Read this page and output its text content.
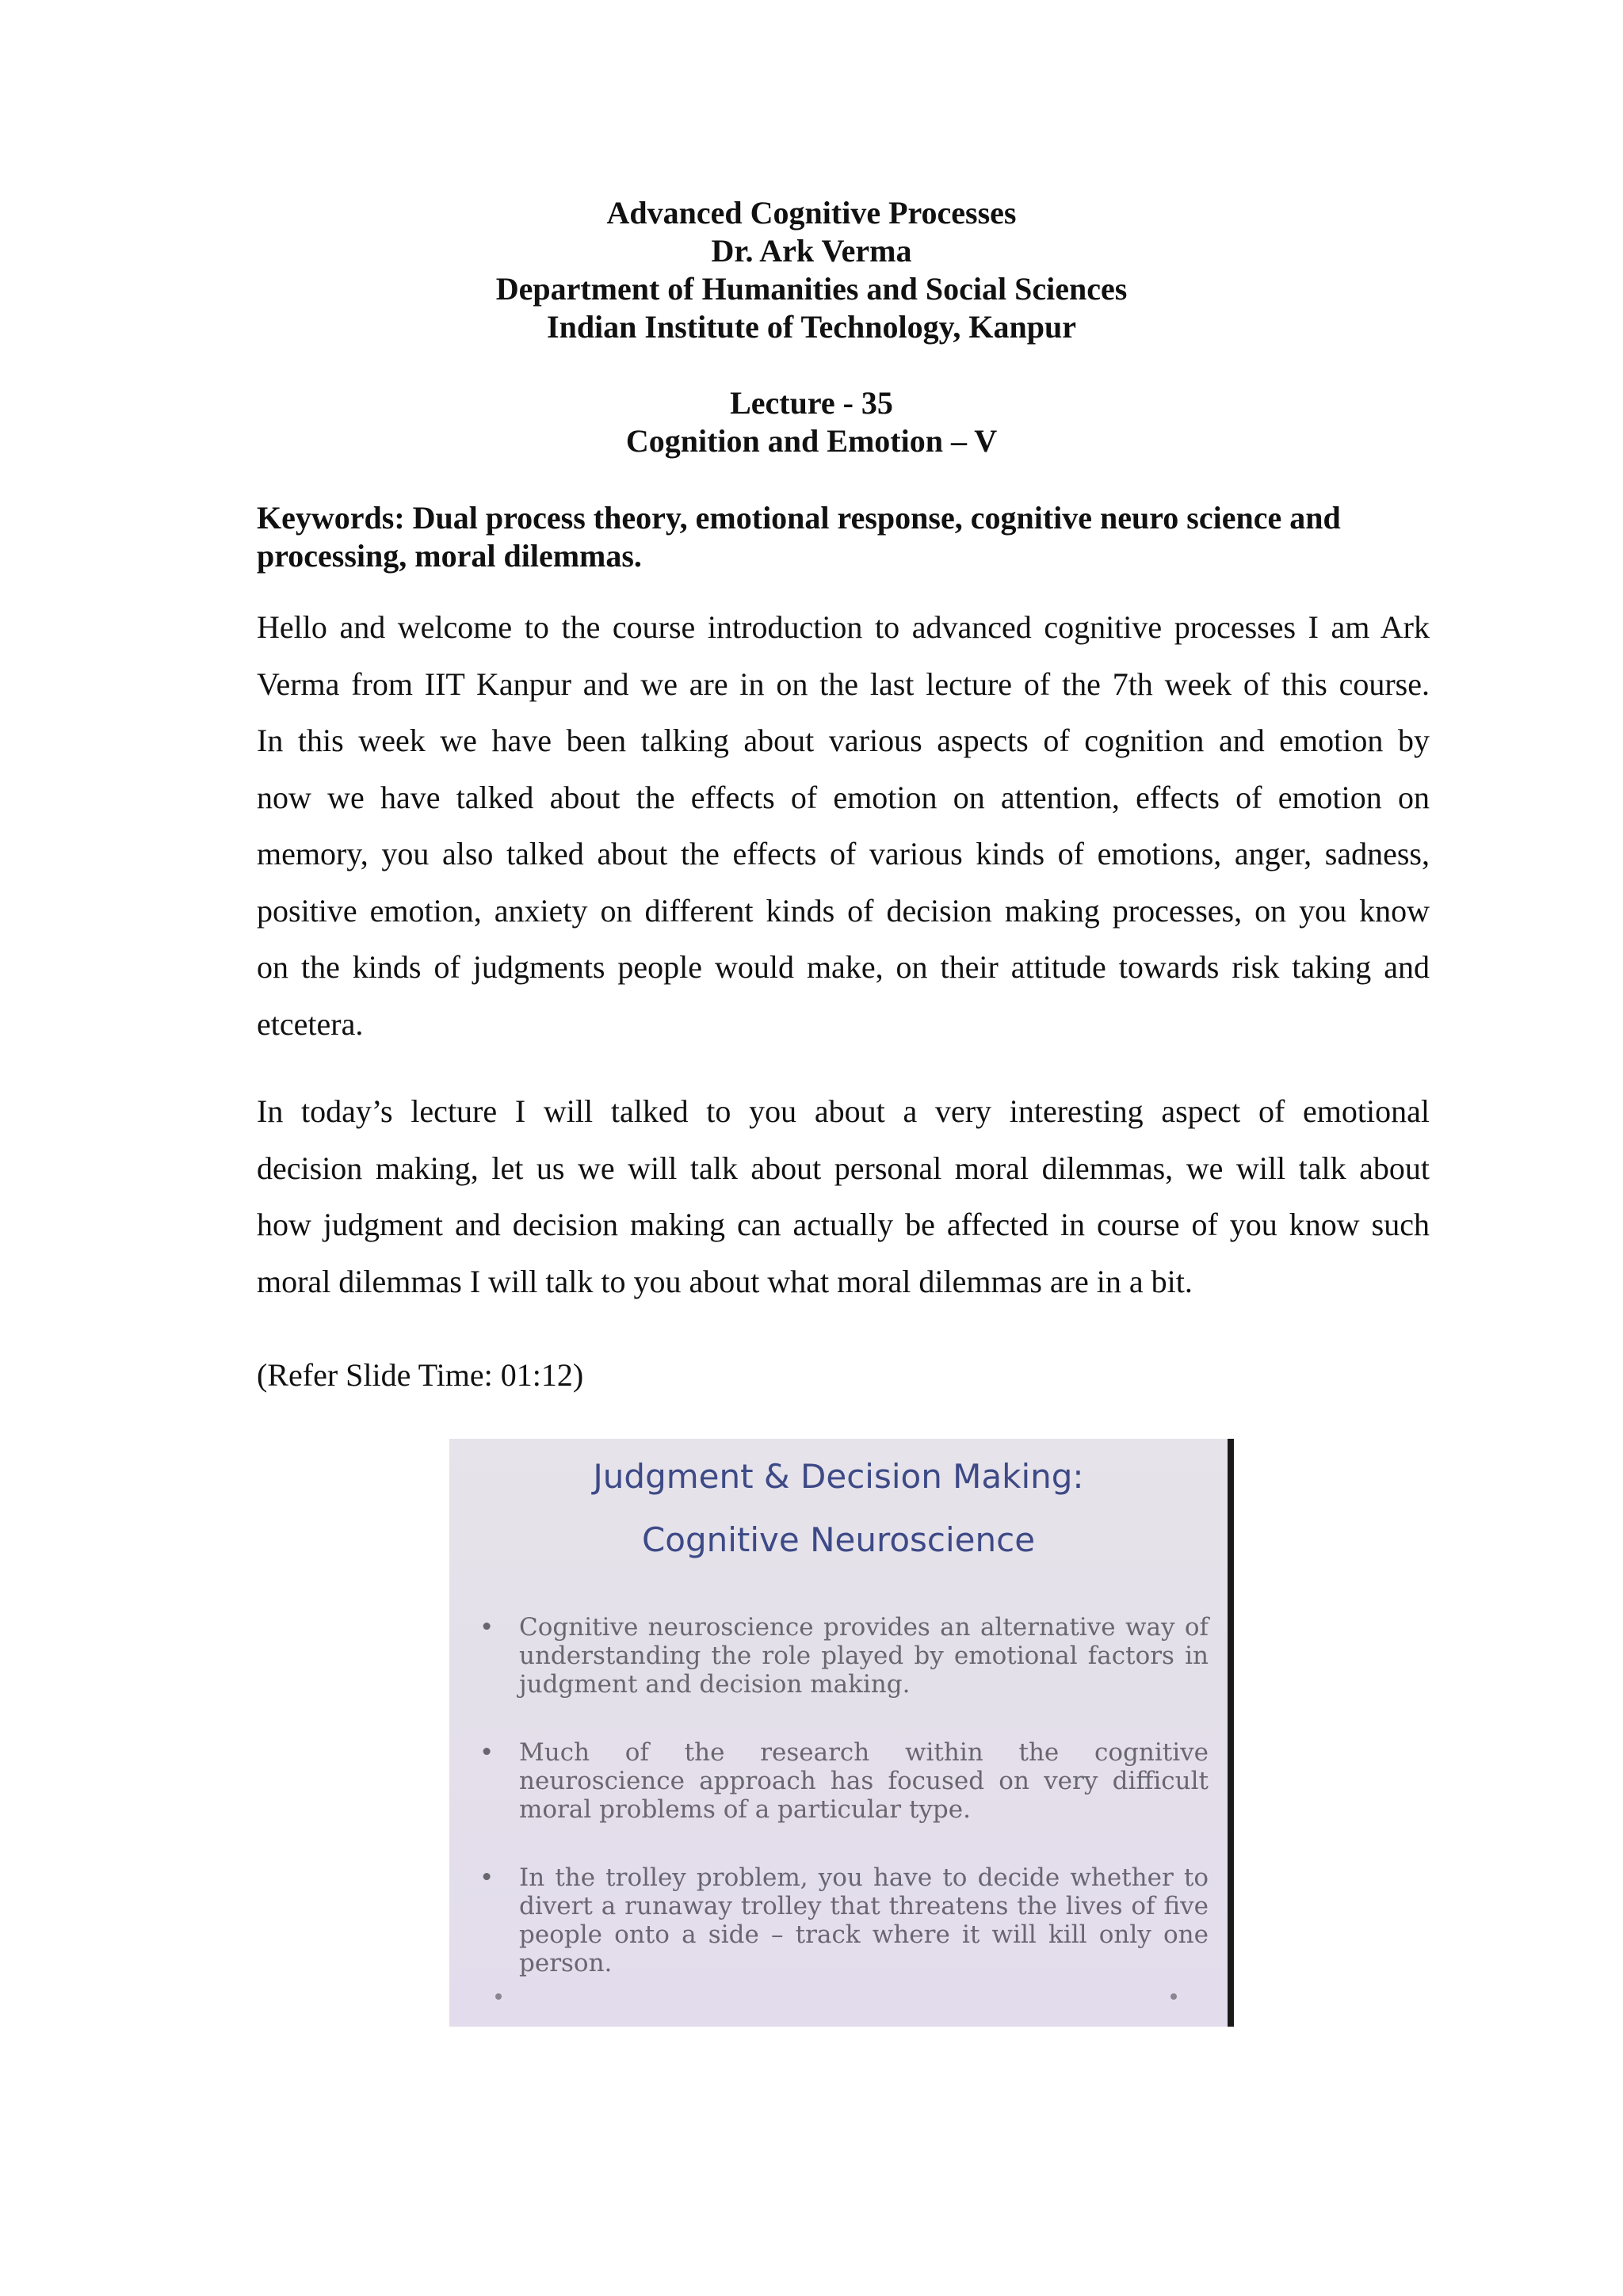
Advanced Cognitive Processes
Dr. Ark Verma
Department of Humanities and Social Sciences
Indian Institute of Technology, Kanpur
Lecture - 35
Cognition and Emotion – V

Keywords: Dual process theory, emotional response, cognitive neuro science and processing, moral dilemmas.

Hello and welcome to the course introduction to advanced cognitive processes I am Ark
Verma from IIT Kanpur and we are in on the last lecture of the 7th week of this course.
In this week we have been talking about various aspects of cognition and emotion by
now we have talked about the effects of emotion on attention, effects of emotion on
memory, you also talked about the effects of various kinds of emotions, anger, sadness,
positive emotion, anxiety on different kinds of decision making processes, on you know
on the kinds of judgments people would make, on their attitude towards risk taking and
etcetera.
In today’s lecture I will talked to you about a very interesting aspect of emotional
decision making, let us we will talk about personal moral dilemmas, we will talk about
how judgment and decision making can actually be affected in course of you know such
moral dilemmas I will talk to you about what moral dilemmas are in a bit.

(Refer Slide Time: 01:12)

Judgment & Decision Making:
Cognitive Neuroscience
• Cognitive neuroscience provides an alternative way of understanding the role played by emotional factors in judgment and decision making.
• Much of the research within the cognitive neuroscience approach has focused on very difficult moral problems of a particular type.
• In the trolley problem, you have to decide whether to divert a runaway trolley that threatens the lives of five people onto a side – track where it will kill only one person.
